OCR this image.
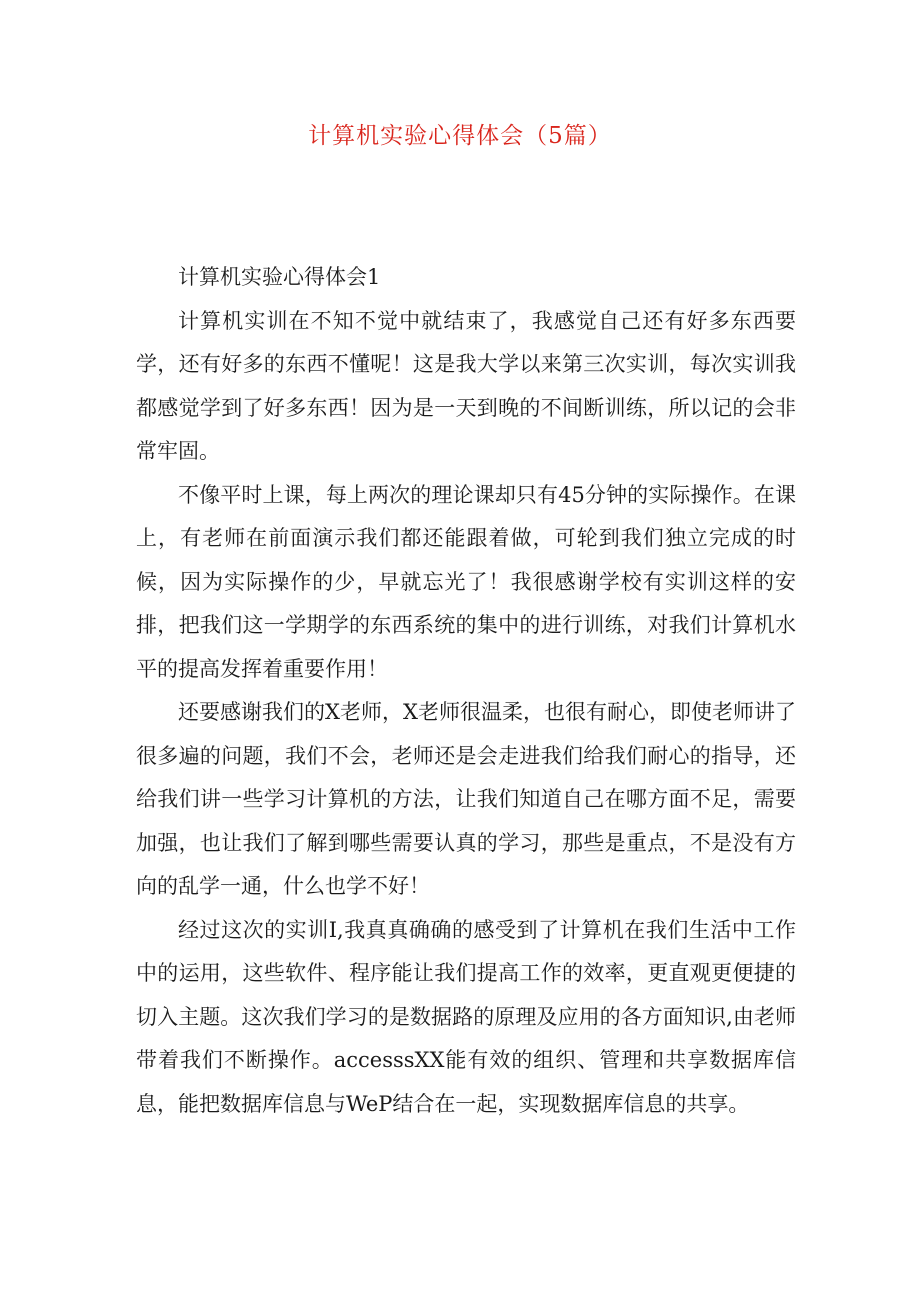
计算机实验心得体会（5篇）

计算机实验心得体会1

计算机实训在不知不觉中就结束了，我感觉自己还有好多东西要学，还有好多的东西不懂呢！这是我大学以来第三次实训，每次实训我都感觉学到了好多东西！因为是一天到晚的不间断训练，所以记的会非常牢固。

不像平时上课，每上两次的理论课却只有45分钟的实际操作。在课上，有老师在前面演示我们都还能跟着做，可轮到我们独立完成的时候，因为实际操作的少，早就忘光了！我很感谢学校有实训这样的安排，把我们这一学期学的东西系统的集中的进行训练，对我们计算机水平的提高发挥着重要作用！

还要感谢我们的X老师，X老师很温柔，也很有耐心，即使老师讲了很多遍的问题，我们不会，老师还是会走进我们给我们耐心的指导，还给我们讲一些学习计算机的方法，让我们知道自己在哪方面不足，需要加强，也让我们了解到哪些需要认真的学习，那些是重点，不是没有方向的乱学一通，什么也学不好！

经过这次的实训I,我真真确确的感受到了计算机在我们生活中工作中的运用，这些软件、程序能让我们提高工作的效率，更直观更便捷的切入主题。这次我们学习的是数据路的原理及应用的各方面知识,由老师带着我们不断操作。accesssXX能有效的组织、管理和共享数据库信息，能把数据库信息与WeP结合在一起，实现数据库信息的共享。
